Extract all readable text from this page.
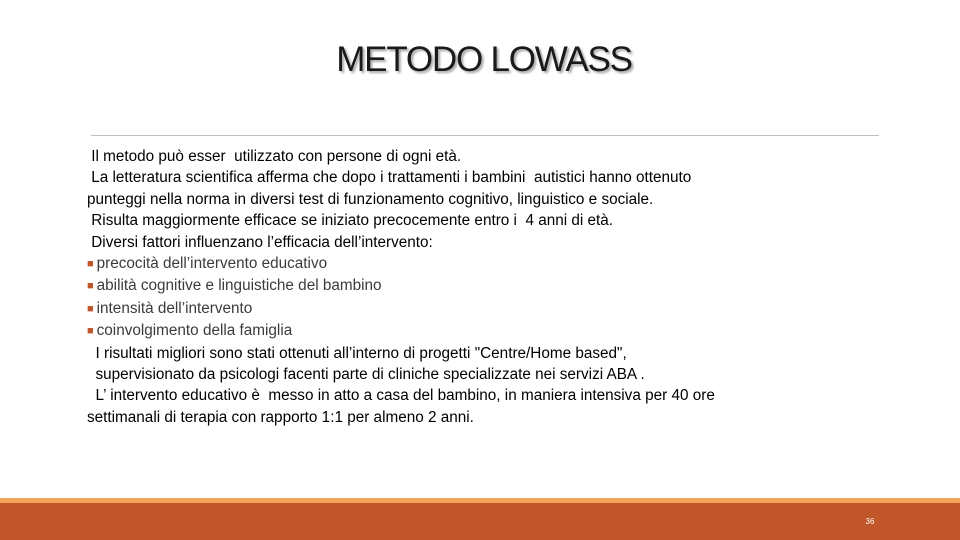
METODO LOWASS
Il metodo può esser  utilizzato con persone di ogni età.
La letteratura scientifica afferma che dopo i trattamenti i bambini  autistici hanno ottenuto
punteggi nella norma in diversi test di funzionamento cognitivo, linguistico e sociale.
Risulta maggiormente efficace se iniziato precocemente entro i  4 anni di età.
Diversi fattori influenzano l’efficacia dell’intervento:
■ precocità dell’intervento educativo
■ abilità cognitive e linguistiche del bambino
■ intensità dell’intervento
■ coinvolgimento della famiglia
I risultati migliori sono stati ottenuti all’interno di progetti "Centre/Home based",
supervisionato da psicologi facenti parte di cliniche specializzate nei servizi ABA .
L’ intervento educativo è  messo in atto a casa del bambino, in maniera intensiva per 40 ore
settimanali di terapia con rapporto 1:1 per almeno 2 anni.
36
